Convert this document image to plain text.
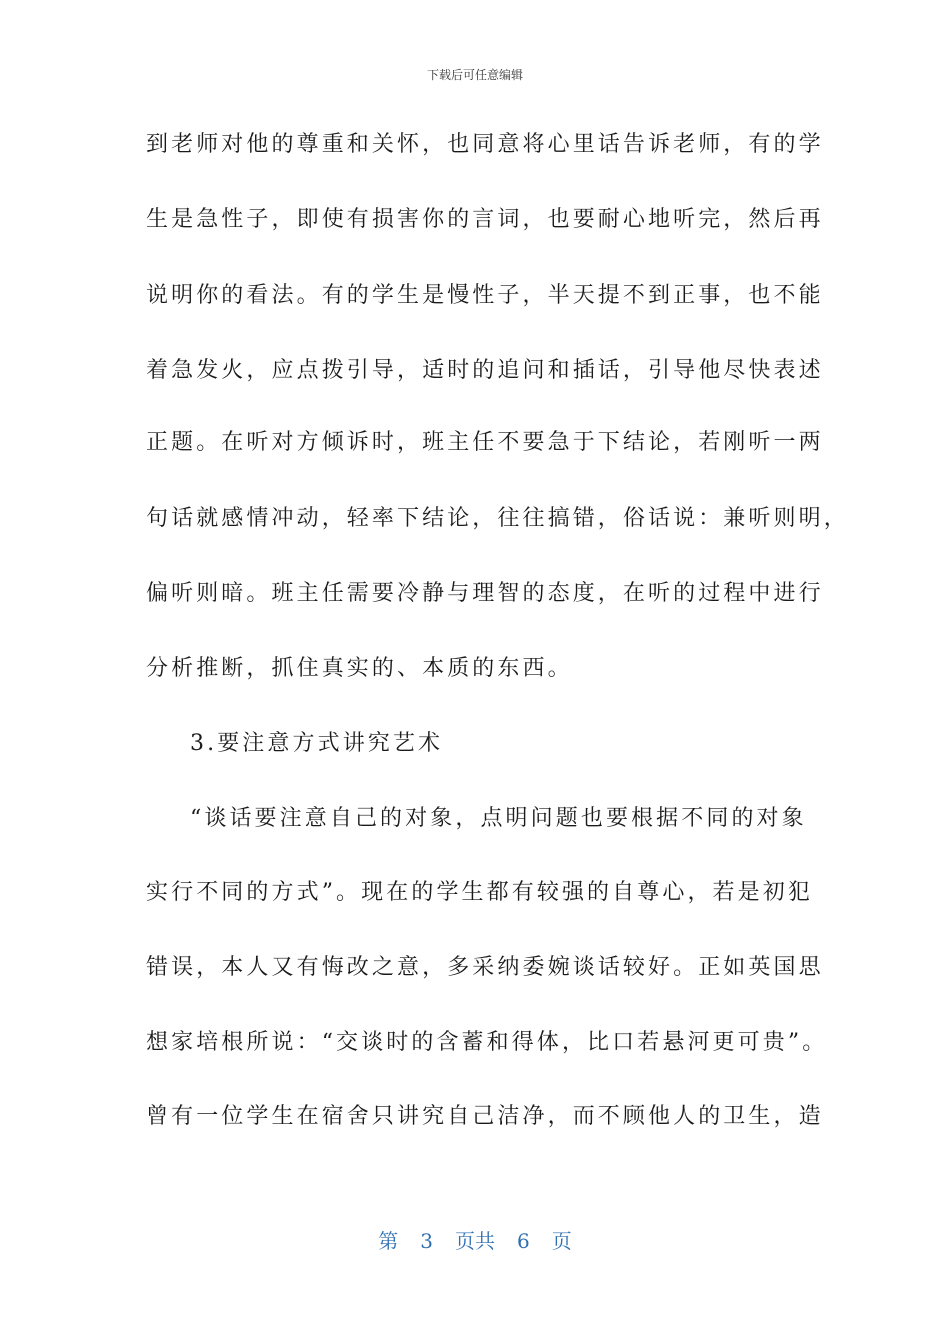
下载后可任意编辑
到老师对他的尊重和关怀，也同意将心里话告诉老师，有的学
生是急性子，即使有损害你的言词，也要耐心地听完，然后再
说明你的看法。有的学生是慢性子，半天提不到正事，也不能
着急发火，应点拨引导，适时的追问和插话，引导他尽快表述
正题。在听对方倾诉时，班主任不要急于下结论，若刚听一两
句话就感情冲动，轻率下结论，往往搞错，俗话说：兼听则明，
偏听则暗。班主任需要冷静与理智的态度，在听的过程中进行
分析推断，抓住真实的、本质的东西。
3.要注意方式讲究艺术
“谈话要注意自己的对象，点明问题也要根据不同的对象
实行不同的方式”。现在的学生都有较强的自尊心，若是初犯
错误，本人又有悔改之意，多采纳委婉谈话较好。正如英国思
想家培根所说：“交谈时的含蓄和得体，比口若悬河更可贵”。
曾有一位学生在宿舍只讲究自己洁净，而不顾他人的卫生，造
第 3 页共 6 页
